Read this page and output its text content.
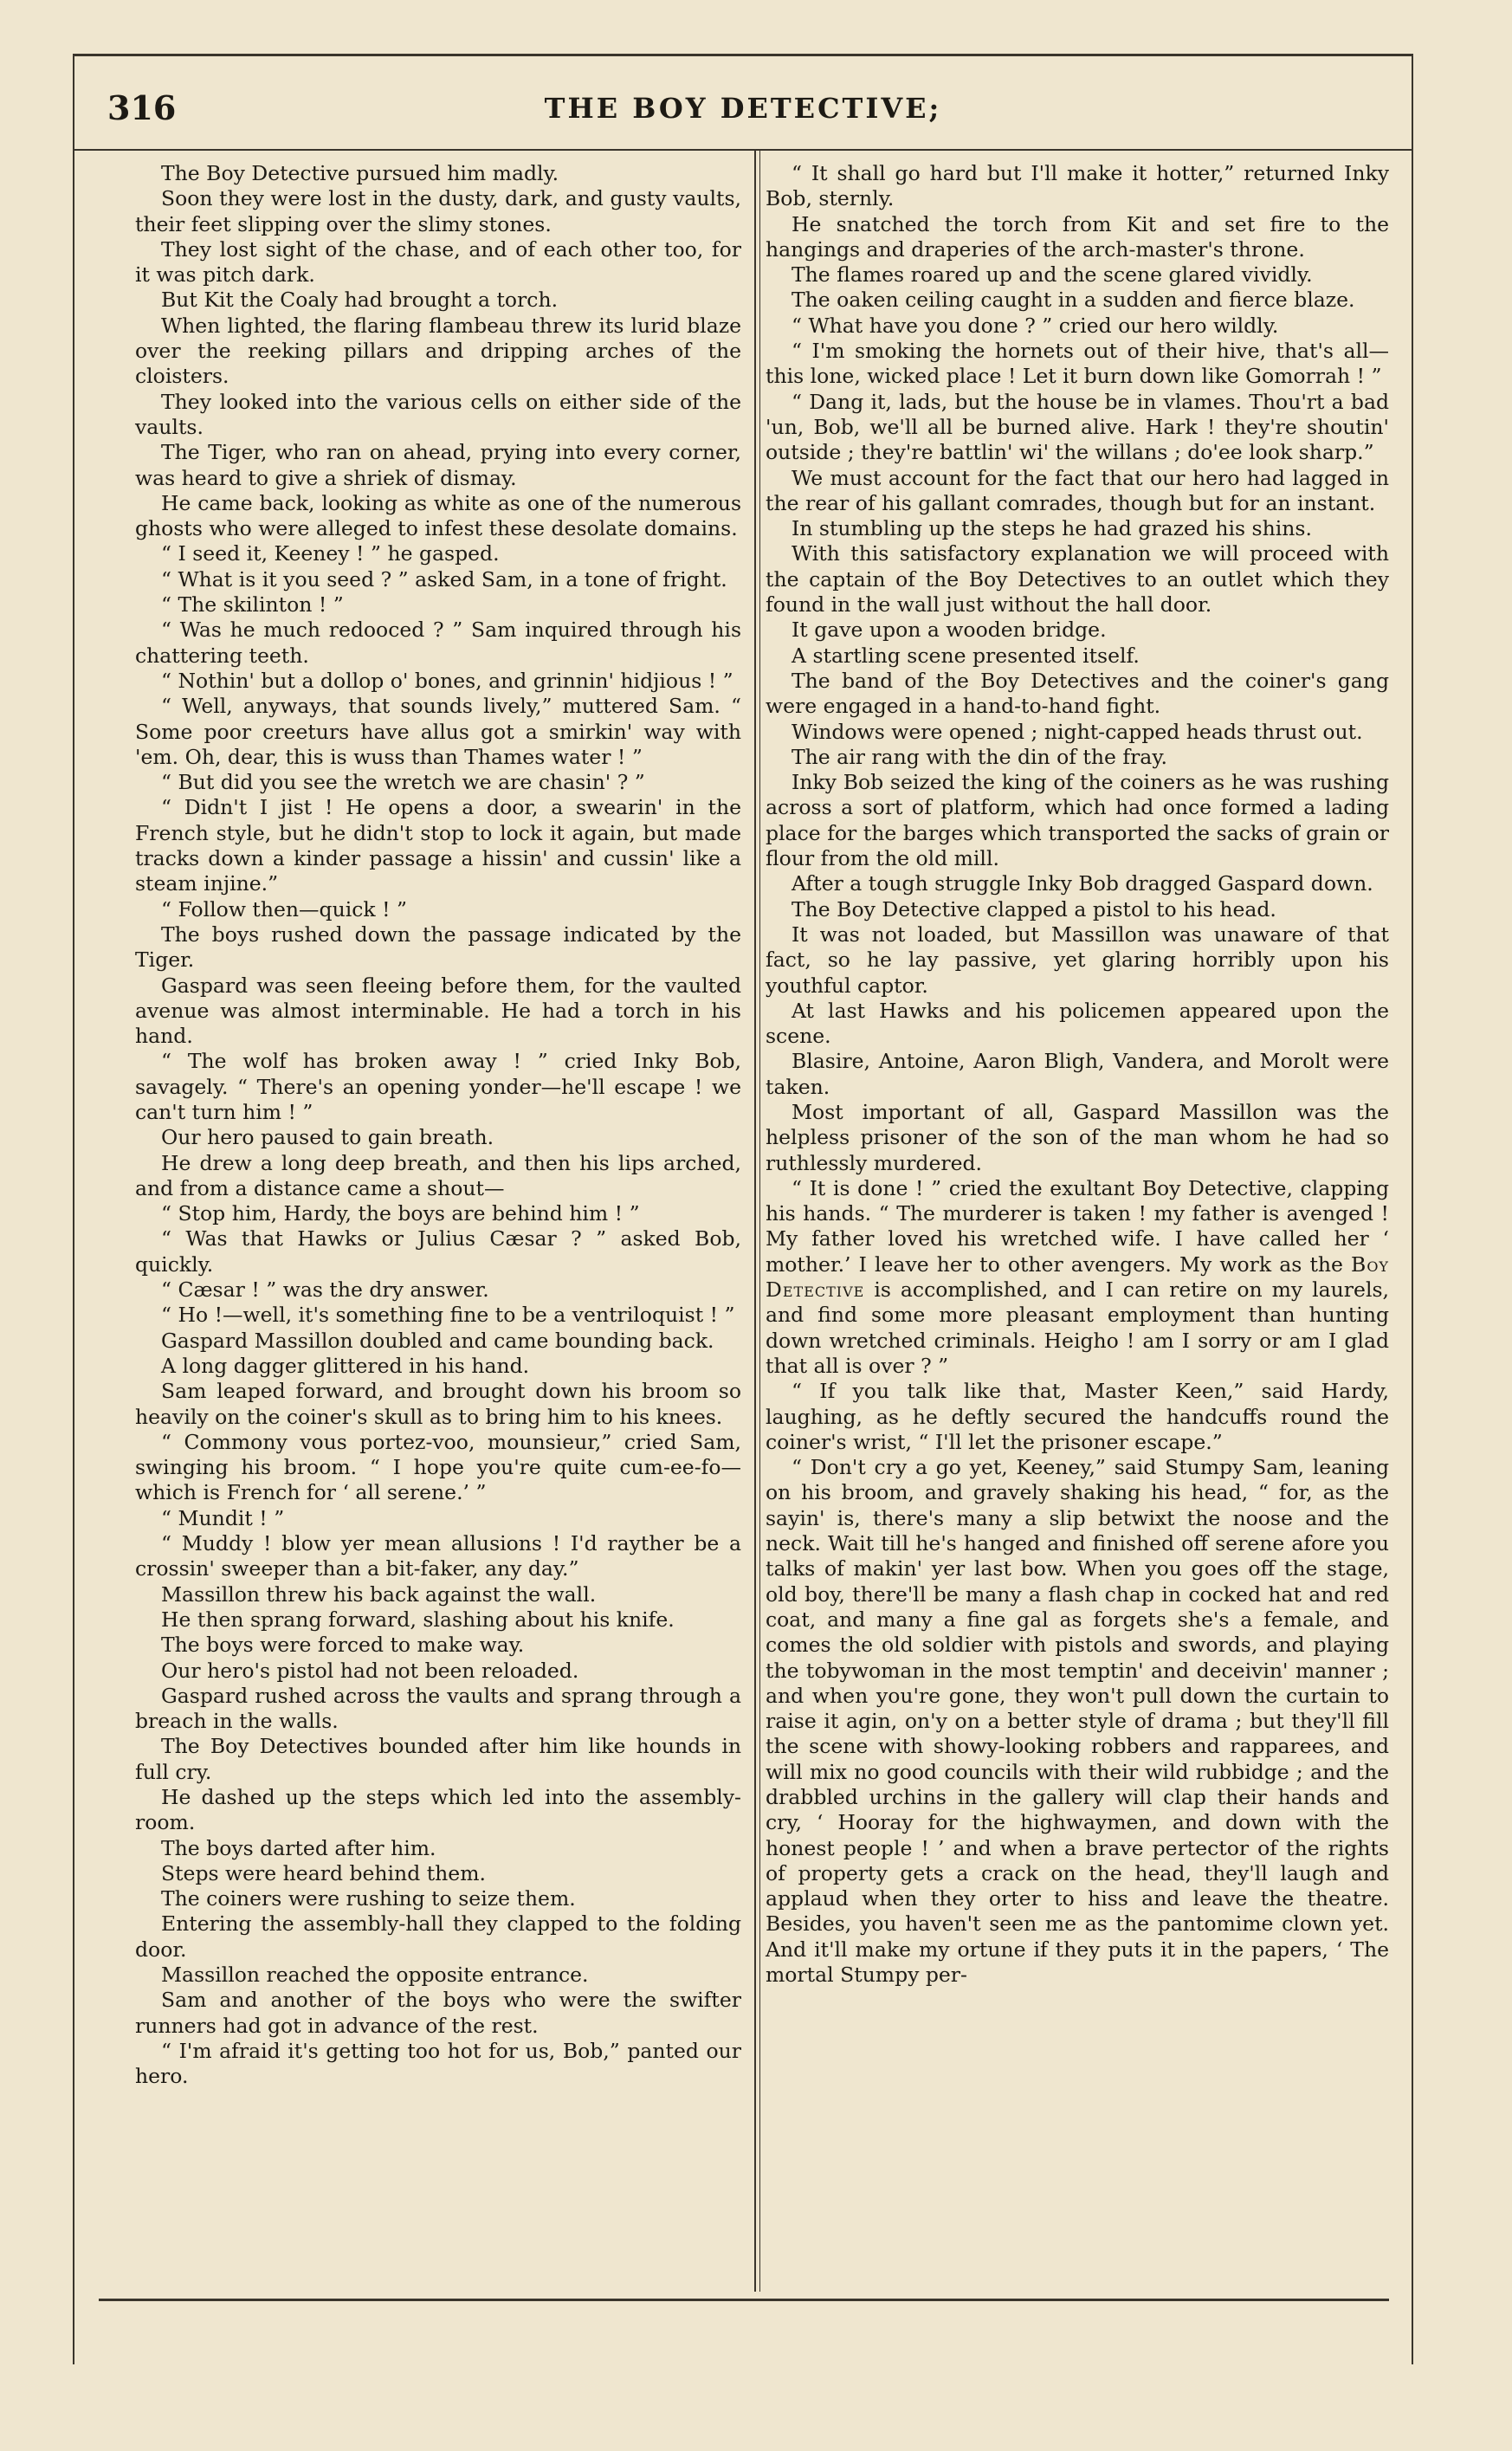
316	THE BOY DETECTIVE;

The Boy Detective pursued him madly.

Soon they were lost in the dusty, dark, and gusty vaults, their feet slipping over the slimy stones.

They lost sight of the chase, and of each other too, for it was pitch dark.

But Kit the Coaly had brought a torch.

When lighted, the flaring flambeau threw its lurid blaze over the reeking pillars and dripping arches of the cloisters.

They looked into the various cells on either side of the vaults.

The Tiger, who ran on ahead, prying into every corner, was heard to give a shriek of dismay.

He came back, looking as white as one of the numerous ghosts who were alleged to infest these desolate domains.

“ I seed it, Keeney ! ” he gasped.

“ What is it you seed ? ” asked Sam, in a tone of fright.

“ The skilinton ! ”

“ Was he much redooced ? ” Sam inquired through his chattering teeth.

“ Nothin' but a dollop o' bones, and grinnin' hidjious ! ”

“ Well, anyways, that sounds lively,” muttered Sam. “ Some poor creeturs have allus got a smirkin' way with 'em. Oh, dear, this is wuss than Thames water ! ”

“ But did you see the wretch we are chasin' ? ”

“ Didn't I jist ! He opens a door, a swearin' in the French style, but he didn't stop to lock it again, but made tracks down a kinder passage a hissin' and cussin' like a steam injine.”

“ Follow then—quick ! ”

The boys rushed down the passage indicated by the Tiger.

Gaspard was seen fleeing before them, for the vaulted avenue was almost interminable. He had a torch in his hand.

“ The wolf has broken away ! ” cried Inky Bob, savagely. “ There's an opening yonder—he'll escape ! we can't turn him ! ”

Our hero paused to gain breath.

He drew a long deep breath, and then his lips arched, and from a distance came a shout—

“ Stop him, Hardy, the boys are behind him ! ”

“ Was that Hawks or Julius Cæsar ? ” asked Bob, quickly.

“ Cæsar ! ” was the dry answer.

“ Ho !—well, it's something fine to be a ventriloquist ! ”

Gaspard Massillon doubled and came bounding back.

A long dagger glittered in his hand.

Sam leaped forward, and brought down his broom so heavily on the coiner's skull as to bring him to his knees.

“ Commony vous portez-voo, mounsieur,” cried Sam, swinging his broom. “ I hope you're quite cum-ee-fo—which is French for ‘ all serene.’ ”

“ Mundit ! ”

“ Muddy ! blow yer mean allusions ! I'd rayther be a crossin' sweeper than a bit-faker, any day.”

Massillon threw his back against the wall.

He then sprang forward, slashing about his knife.

The boys were forced to make way.

Our hero's pistol had not been reloaded.

Gaspard rushed across the vaults and sprang through a breach in the walls.

The Boy Detectives bounded after him like hounds in full cry.

He dashed up the steps which led into the assembly-room.

The boys darted after him.

Steps were heard behind them.

The coiners were rushing to seize them.

Entering the assembly-hall they clapped to the folding door.

Massillon reached the opposite entrance.

Sam and another of the boys who were the swifter runners had got in advance of the rest.

“ I'm afraid it's getting too hot for us, Bob,” panted our hero.

“ It shall go hard but I'll make it hotter,” returned Inky Bob, sternly.

He snatched the torch from Kit and set fire to the hangings and draperies of the arch-master's throne.

The flames roared up and the scene glared vividly.

The oaken ceiling caught in a sudden and fierce blaze.

“ What have you done ? ” cried our hero wildly.

“ I'm smoking the hornets out of their hive, that's all—this lone, wicked place ! Let it burn down like Gomorrah ! ”

“ Dang it, lads, but the house be in vlames. Thou'rt a bad 'un, Bob, we'll all be burned alive. Hark ! they're shoutin' outside ; they're battlin' wi' the willans ; do'ee look sharp.”

We must account for the fact that our hero had lagged in the rear of his gallant comrades, though but for an instant.

In stumbling up the steps he had grazed his shins.

With this satisfactory explanation we will proceed with the captain of the Boy Detectives to an outlet which they found in the wall just without the hall door.

It gave upon a wooden bridge.

A startling scene presented itself.

The band of the Boy Detectives and the coiner's gang were engaged in a hand-to-hand fight.

Windows were opened ; night-capped heads thrust out.

The air rang with the din of the fray.

Inky Bob seized the king of the coiners as he was rushing across a sort of platform, which had once formed a lading place for the barges which transported the sacks of grain or flour from the old mill.

After a tough struggle Inky Bob dragged Gaspard down.

The Boy Detective clapped a pistol to his head.

It was not loaded, but Massillon was unaware of that fact, so he lay passive, yet glaring horribly upon his youthful captor.

At last Hawks and his policemen appeared upon the scene.

Blasire, Antoine, Aaron Bligh, Vandera, and Morolt were taken.

Most important of all, Gaspard Massillon was the helpless prisoner of the son of the man whom he had so ruthlessly murdered.

“ It is done ! ” cried the exultant Boy Detective, clapping his hands. “ The murderer is taken ! my father is avenged ! My father loved his wretched wife. I have called her ‘ mother.’ I leave her to other avengers. My work as the Boy Detective is accomplished, and I can retire on my laurels, and find some more pleasant employment than hunting down wretched criminals. Heigho ! am I sorry or am I glad that all is over ? ”

“ If you talk like that, Master Keen,” said Hardy, laughing, as he deftly secured the handcuffs round the coiner's wrist, “ I'll let the prisoner escape.”

“ Don't cry a go yet, Keeney,” said Stumpy Sam, leaning on his broom, and gravely shaking his head, “ for, as the sayin' is, there's many a slip betwixt the noose and the neck. Wait till he's hanged and finished off serene afore you talks of makin' yer last bow. When you goes off the stage, old boy, there'll be many a flash chap in cocked hat and red coat, and many a fine gal as forgets she's a female, and comes the old soldier with pistols and swords, and playing the tobywoman in the most temptin' and deceivin' manner ; and when you're gone, they won't pull down the curtain to raise it agin, on'y on a better style of drama ; but they'll fill the scene with showy-looking robbers and rapparees, and will mix no good councils with their wild rubbidge ; and the drabbled urchins in the gallery will clap their hands and cry, ‘ Hooray for the highwaymen, and down with the honest people ! ’ and when a brave pertector of the rights of property gets a crack on the head, they'll laugh and applaud when they orter to hiss and leave the theatre. Besides, you haven't seen me as the pantomime clown yet. And it'll make my ortune if they puts it in the papers, ‘ The mortal Stumpy per-
